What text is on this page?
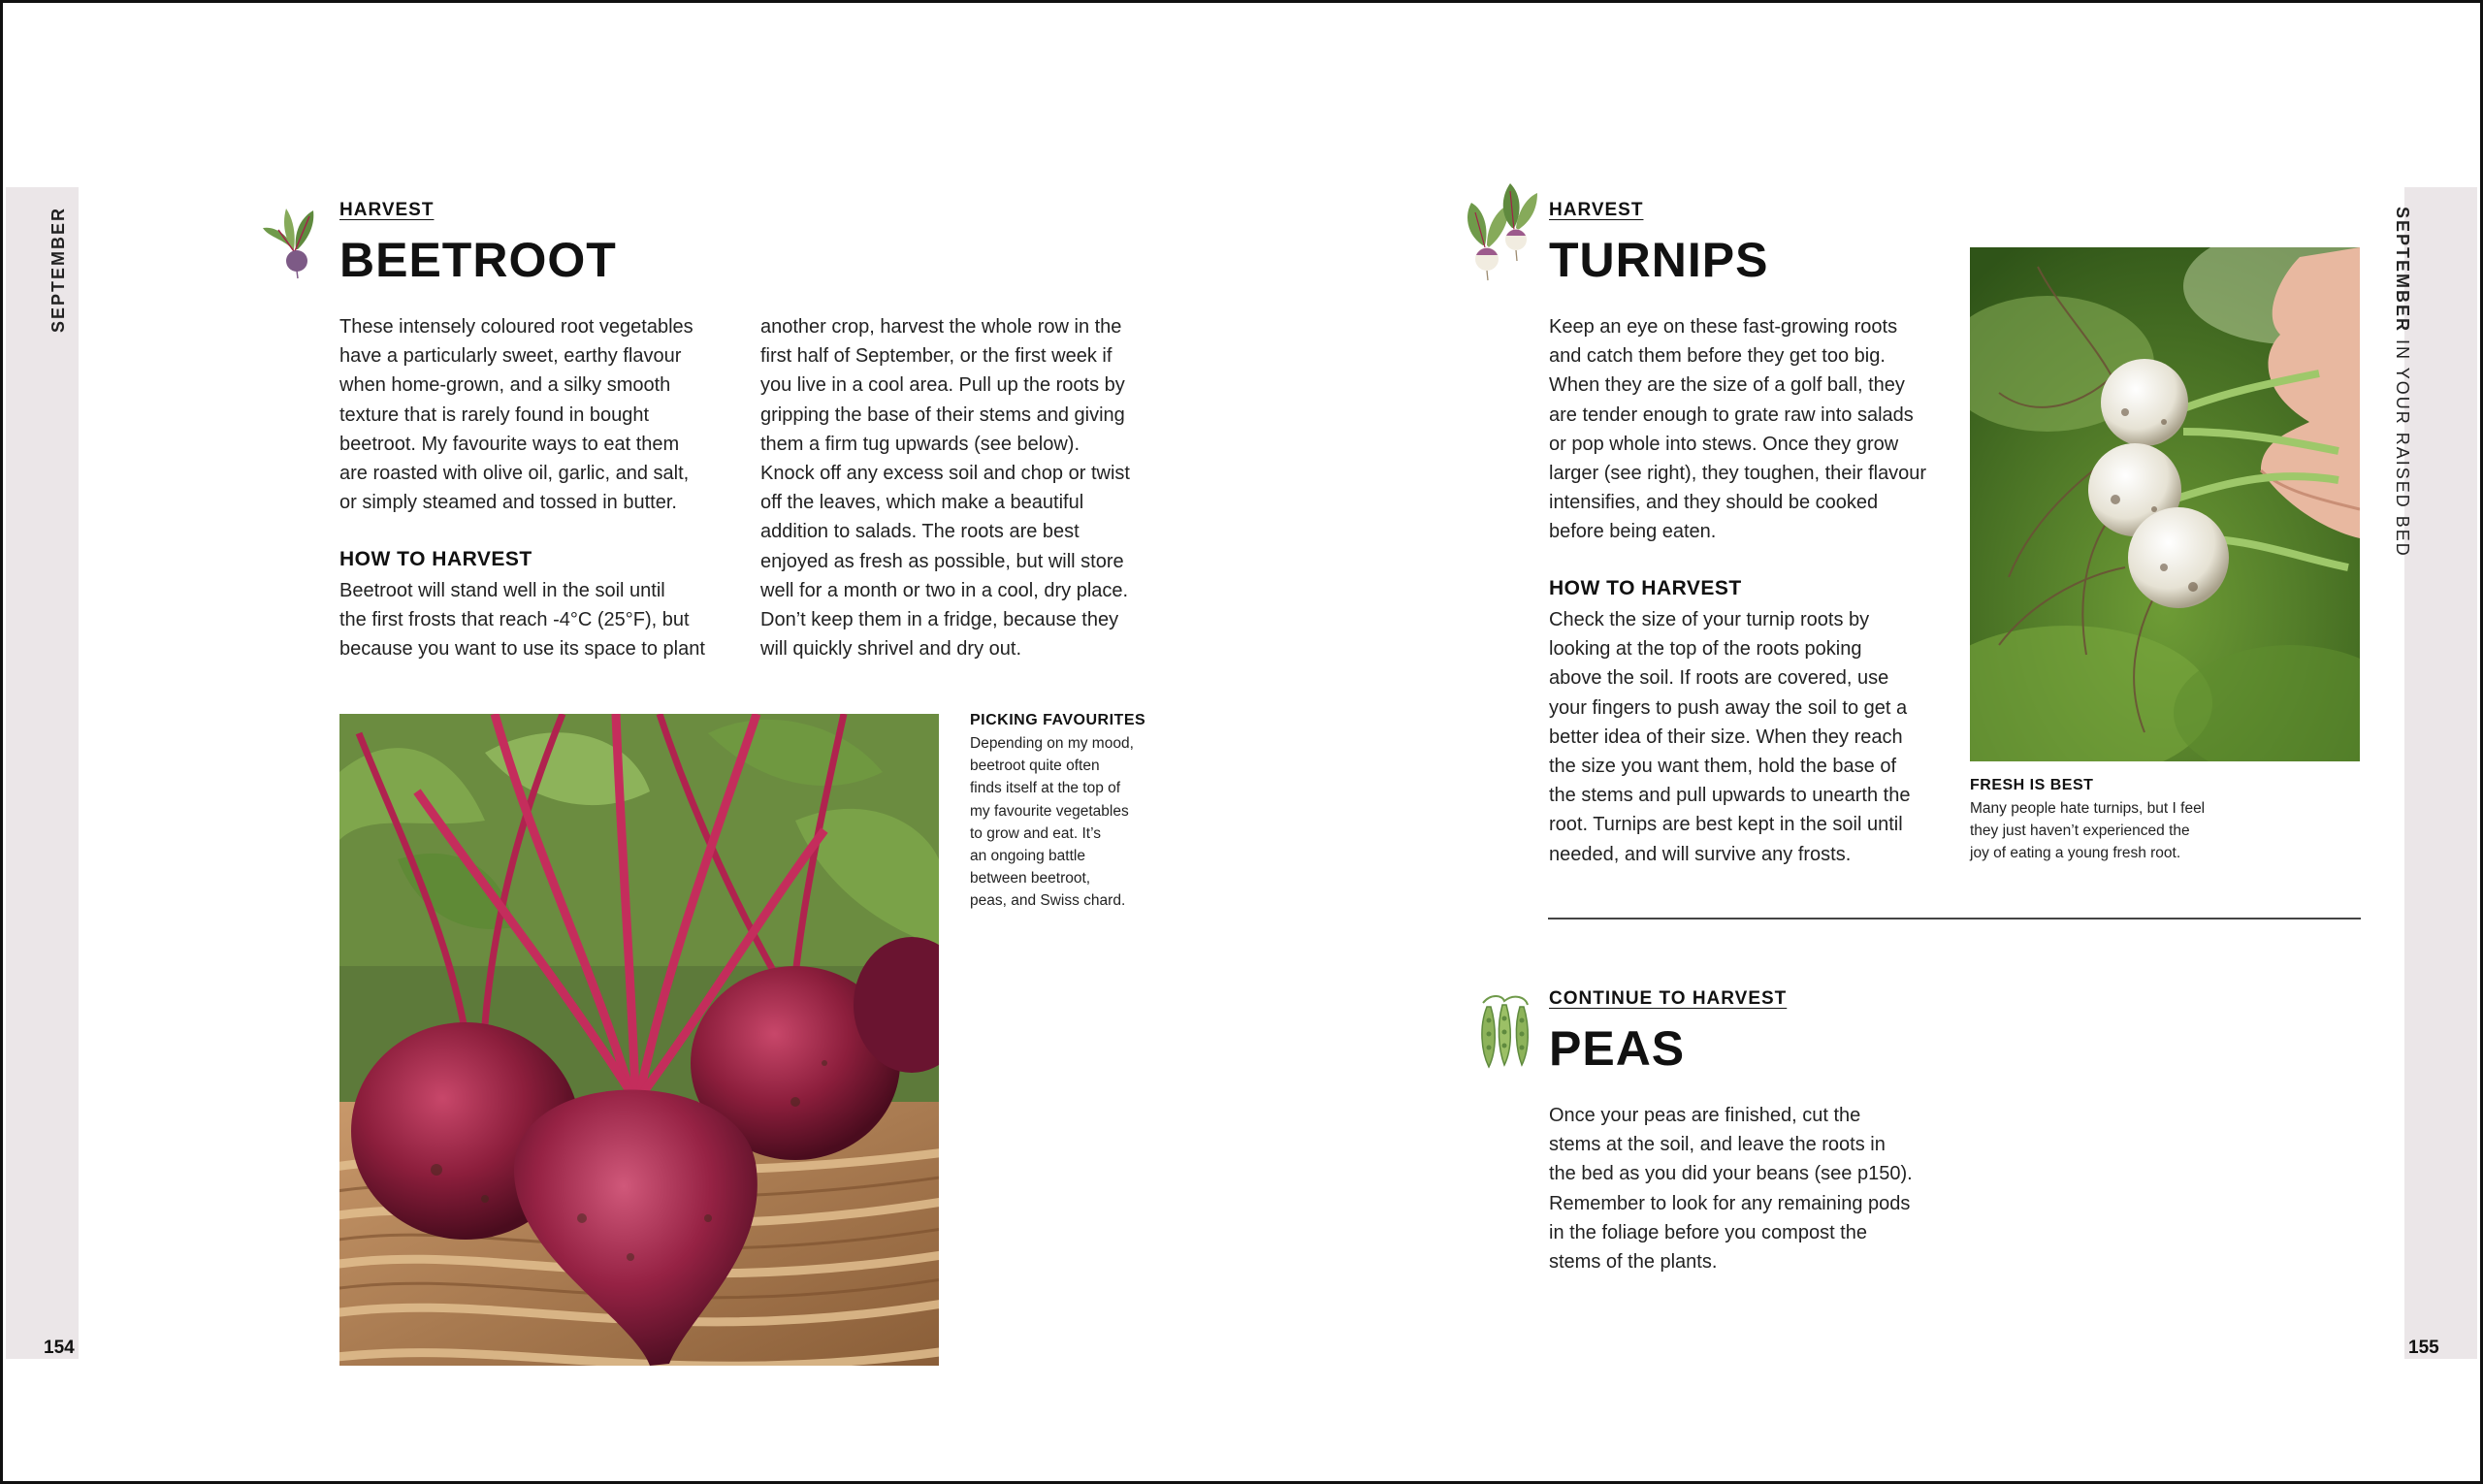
SEPTEMBER
154
SEPTEMBER IN YOUR RAISED BED
155
HARVEST
BEETROOT

These intensely coloured root vegetables

have a particularly sweet, earthy flavour

when home-grown, and a silky smooth

texture that is rarely found in bought

beetroot. My favourite ways to eat them

are roasted with olive oil, garlic, and salt,

or simply steamed and tossed in butter.

HOW TO HARVEST

Beetroot will stand well in the soil until

the first frosts that reach -4°C (25°F), but

because you want to use its space to plant

another crop, harvest the whole row in the

first half of September, or the first week if

you live in a cool area. Pull up the roots by

gripping the base of their stems and giving

them a firm tug upwards (see below).

Knock off any excess soil and chop or twist

off the leaves, which make a beautiful

addition to salads. The roots are best

enjoyed as fresh as possible, but will store

well for a month or two in a cool, dry place.

Don’t keep them in a fridge, because they

will quickly shrivel and dry out.

PICKING FAVOURITES
Depending on my mood,
beetroot quite often
finds itself at the top of
my favourite vegetables
to grow and eat. It’s
an ongoing battle
between beetroot,
peas, and Swiss chard.
HARVEST
TURNIPS

Keep an eye on these fast-growing roots

and catch them before they get too big.

When they are the size of a golf ball, they

are tender enough to grate raw into salads

or pop whole into stews. Once they grow

larger (see right), they toughen, their flavour

intensifies, and they should be cooked

before being eaten.

HOW TO HARVEST

Check the size of your turnip roots by

looking at the top of the roots poking

above the soil. If roots are covered, use

your fingers to push away the soil to get a

better idea of their size. When they reach

the size you want them, hold the base of

the stems and pull upwards to unearth the

root. Turnips are best kept in the soil until

needed, and will survive any frosts.

FRESH IS BEST
Many people hate turnips, but I feel
they just haven’t experienced the
joy of eating a young fresh root.
CONTINUE TO HARVEST
PEAS

Once your peas are finished, cut the

stems at the soil, and leave the roots in

the bed as you did your beans (see p150).

Remember to look for any remaining pods

in the foliage before you compost the

stems of the plants.
